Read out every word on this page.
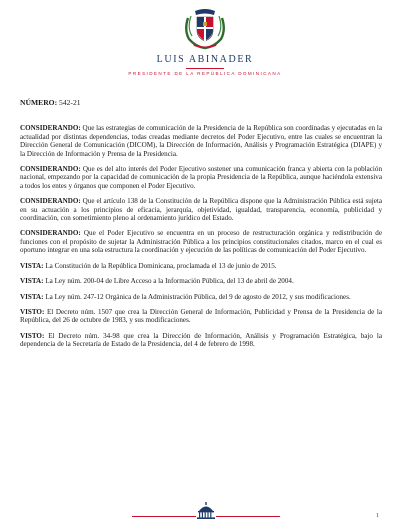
LUIS ABINADER
PRESIDENTE DE LA REPÚBLICA DOMINICANA
NÚMERO: 542-21

CONSIDERANDO: Que las estrategias de comunicación de la Presidencia de la República son coordinadas y ejecutadas en la actualidad por distintas dependencias, todas creadas mediante decretos del Poder Ejecutivo, entre las cuales se encuentran la Dirección General de Comunicación (DICOM), la Dirección de Información, Análisis y Programación Estratégica (DIAPE) y la Dirección de Información y Prensa de la Presidencia.

CONSIDERANDO: Que es del alto interés del Poder Ejecutivo sostener una comunicación franca y abierta con la población nacional, empezando por la capacidad de comunicación de la propia Presidencia de la República, aunque haciéndola extensiva a todos los entes y órganos que componen el Poder Ejecutivo.

CONSIDERANDO: Que el artículo 138 de la Constitución de la República dispone que la Administración Pública está sujeta en su actuación a los principios de eficacia, jerarquía, objetividad, igualdad, transparencia, economía, publicidad y coordinación, con sometimiento pleno al ordenamiento jurídico del Estado.

CONSIDERANDO: Que el Poder Ejecutivo se encuentra en un proceso de restructuración orgánica y redistribución de funciones con el propósito de sujetar la Administración Pública a los principios constitucionales citados, marco en el cual es oportuno integrar en una sola estructura la coordinación y ejecución de las políticas de comunicación del Poder Ejecutivo.

VISTA: La Constitución de la República Dominicana, proclamada el 13 de junio de 2015.

VISTA: La Ley núm. 200-04 de Libre Acceso a la Información Pública, del 13 de abril de 2004.

VISTA: La Ley núm. 247-12 Orgánica de la Administración Pública, del 9 de agosto de 2012, y sus modificaciones.

VISTO: El Decreto núm. 1507 que crea la Dirección General de Información, Publicidad y Prensa de la Presidencia de la República, del 26 de octubre de 1983, y sus modificaciones.

VISTO: El Decreto núm. 34-98 que crea la Dirección de Información, Análisis y Programación Estratégica, bajo la dependencia de la Secretaría de Estado de la Presidencia, del 4 de febrero de 1998.

1
